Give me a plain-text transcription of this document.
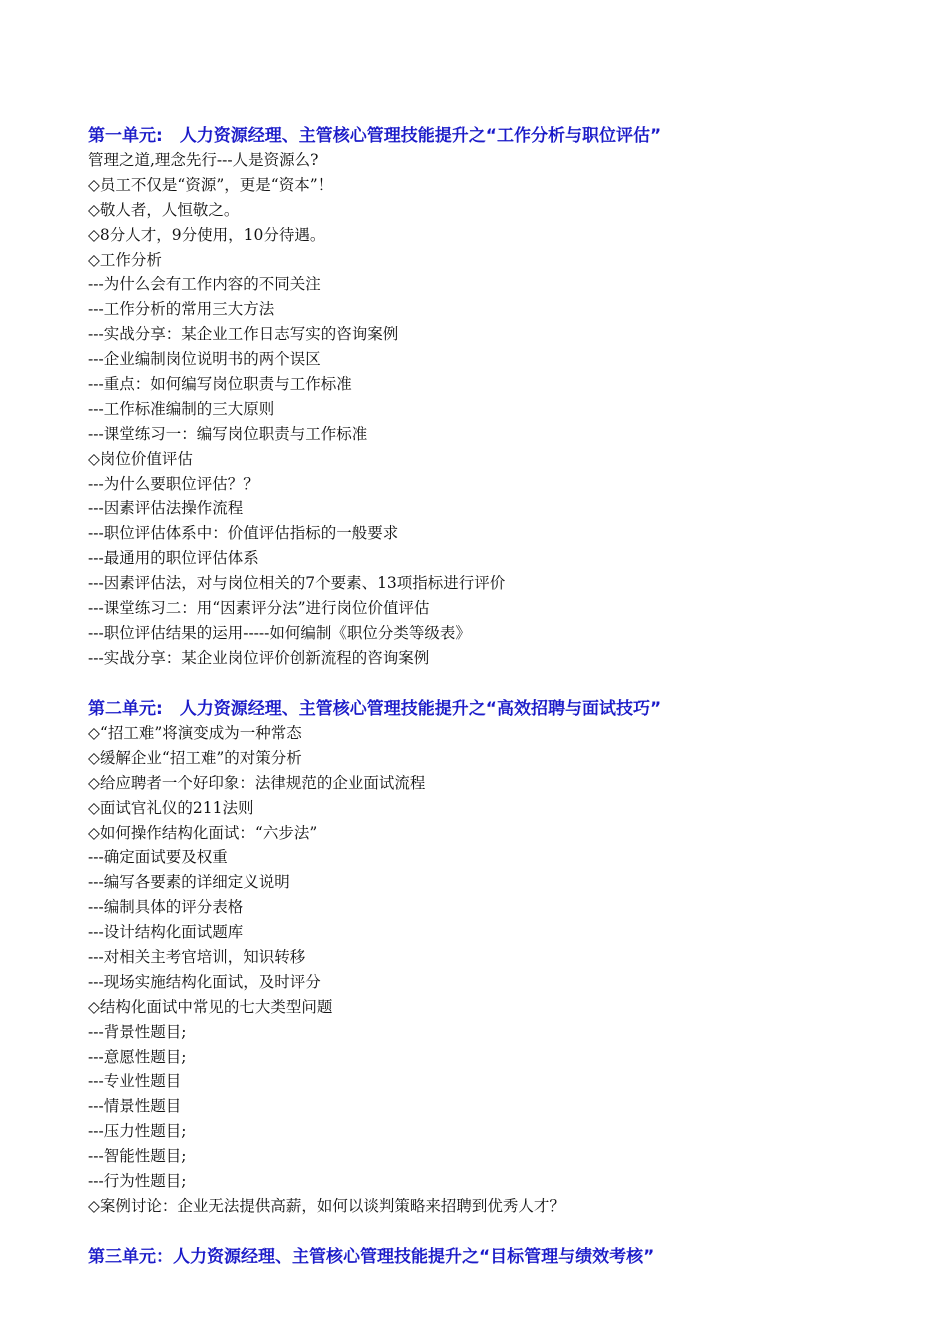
第一单元:　人力资源经理、主管核心管理技能提升之“工作分析与职位评估”
管理之道,理念先行---人是资源么?
◇员工不仅是“资源”，更是“资本”！
◇敬人者，人恒敬之。
◇8分人才，9分使用，10分待遇。
◇工作分析
---为什么会有工作内容的不同关注
---工作分析的常用三大方法
---实战分享：某企业工作日志写实的咨询案例
---企业编制岗位说明书的两个误区
---重点：如何编写岗位职责与工作标准
---工作标准编制的三大原则
---课堂练习一：编写岗位职责与工作标准
◇岗位价值评估
---为什么要职位评估？？
---因素评估法操作流程
---职位评估体系中：价值评估指标的一般要求
---最通用的职位评估体系
---因素评估法，对与岗位相关的7个要素、13项指标进行评价
---课堂练习二：用“因素评分法”进行岗位价值评估
---职位评估结果的运用-----如何编制《职位分类等级表》
---实战分享：某企业岗位评价创新流程的咨询案例
第二单元:　人力资源经理、主管核心管理技能提升之“高效招聘与面试技巧”
◇“招工难”将演变成为一种常态
◇缓解企业“招工难”的对策分析
◇给应聘者一个好印象：法律规范的企业面试流程
◇面试官礼仪的211法则
◇如何操作结构化面试：“六步法”
---确定面试要及权重
---编写各要素的详细定义说明
---编制具体的评分表格
---设计结构化面试题库
---对相关主考官培训，知识转移
---现场实施结构化面试，及时评分
◇结构化面试中常见的七大类型问题
---背景性题目;
---意愿性题目;
---专业性题目
---情景性题目
---压力性题目;
---智能性题目;
---行为性题目;
◇案例讨论：企业无法提供高薪，如何以谈判策略来招聘到优秀人才？
第三单元：人力资源经理、主管核心管理技能提升之“目标管理与绩效考核”
